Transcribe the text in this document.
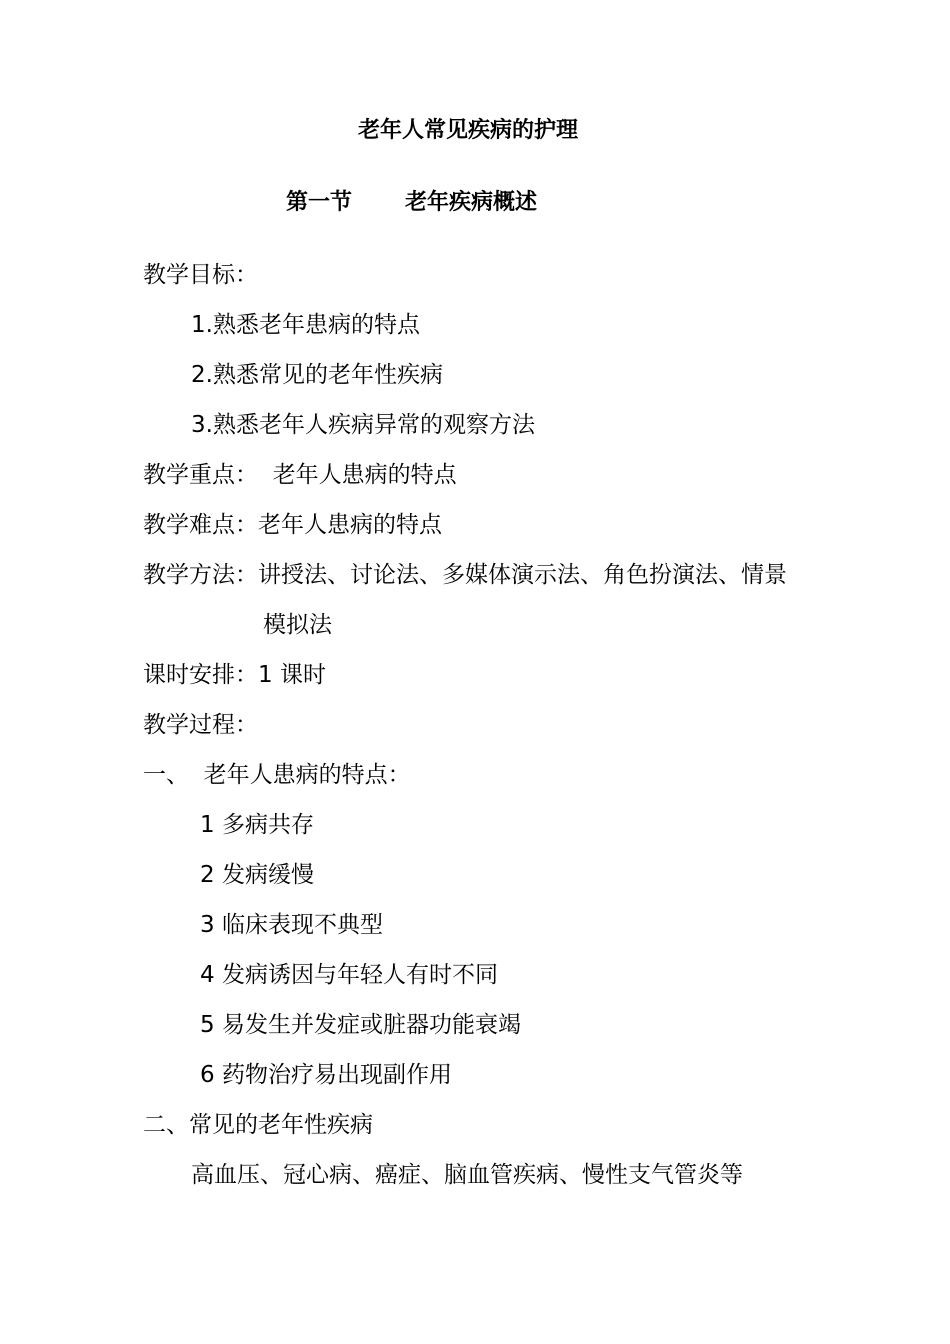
老年人常见疾病的护理
第一节 老年疾病概述
教学目标：
1.熟悉老年患病的特点
2.熟悉常见的老年性疾病
3.熟悉老年人疾病异常的观察方法
教学重点：  老年人患病的特点
教学难点：老年人患病的特点
教学方法：讲授法、讨论法、多媒体演示法、角色扮演法、情景
模拟法
课时安排：1 课时
教学过程：
一、  老年人患病的特点：
1 多病共存
2 发病缓慢
3 临床表现不典型
4 发病诱因与年轻人有时不同
5 易发生并发症或脏器功能衰竭
6 药物治疗易出现副作用
二、常见的老年性疾病
高血压、冠心病、癌症、脑血管疾病、慢性支气管炎等
